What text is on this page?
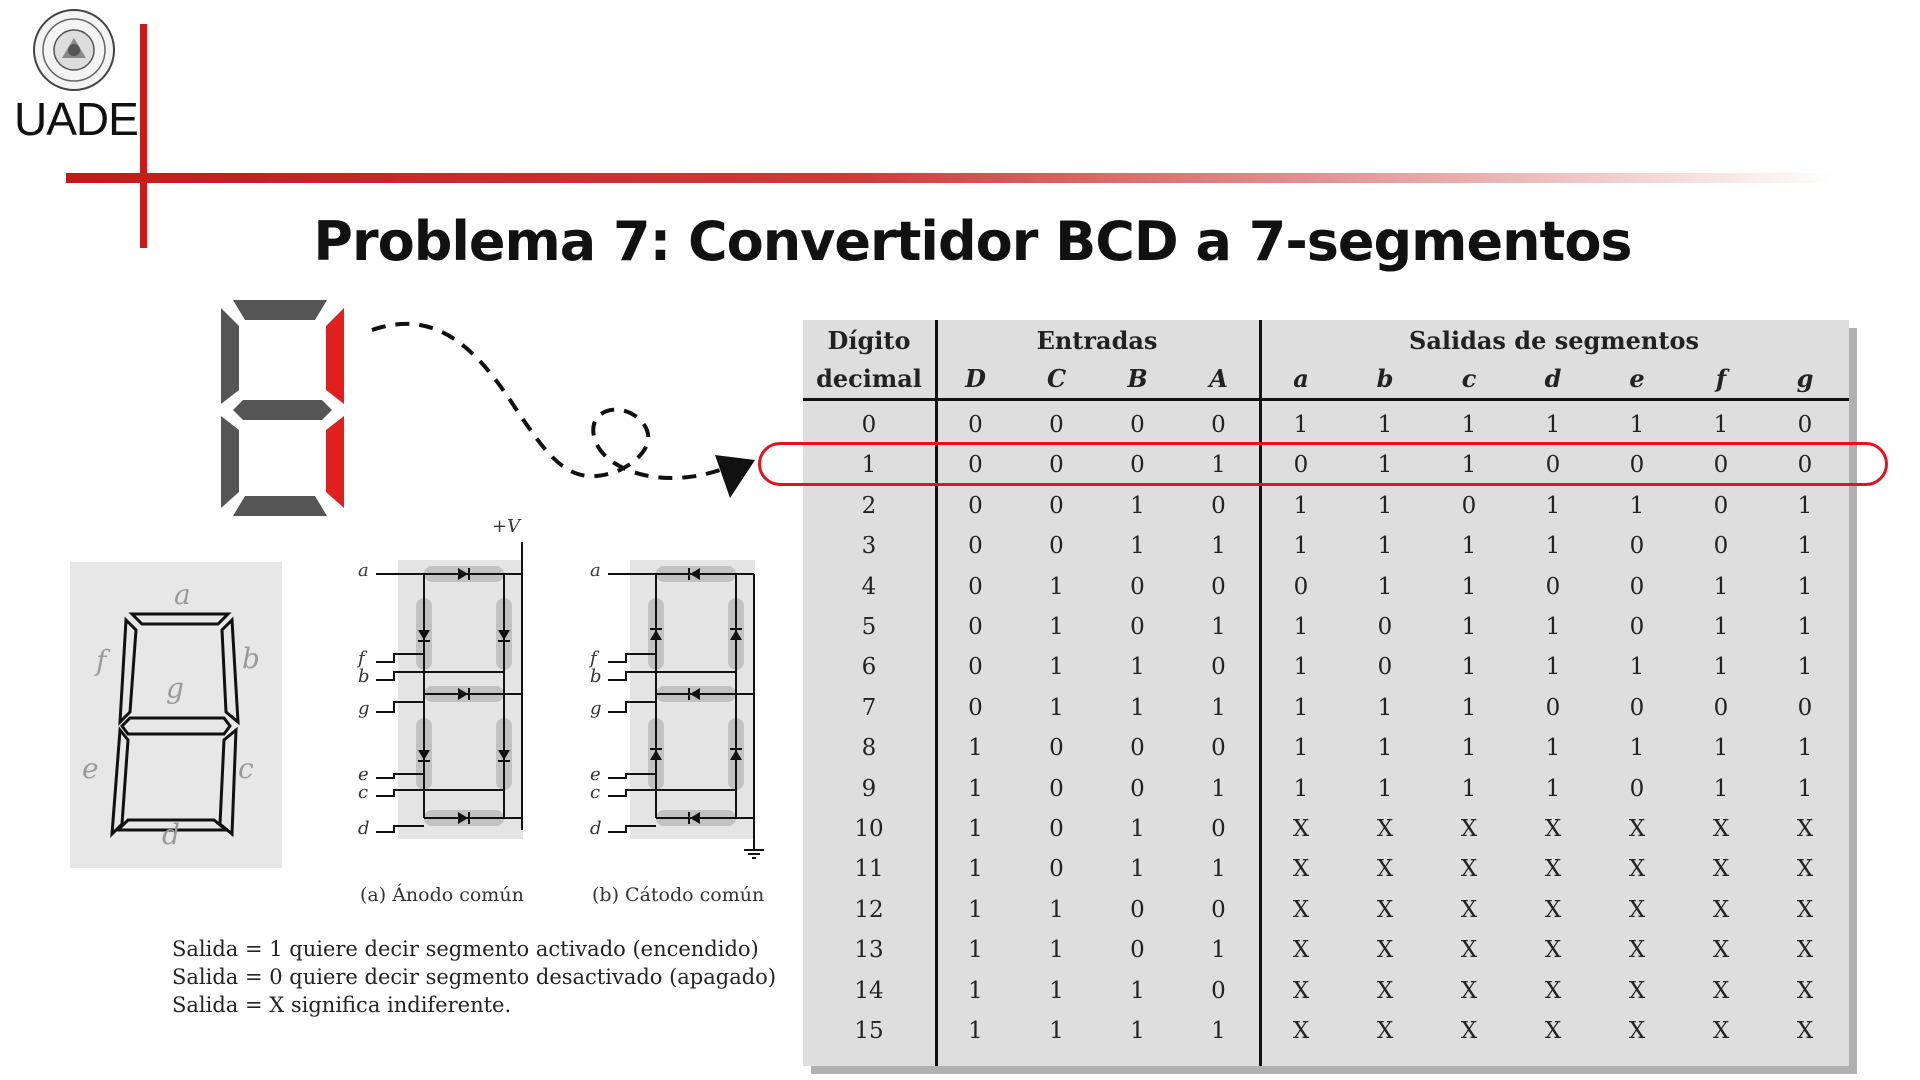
UADE
Problema 7: Convertidor BCD a 7-segmentos
a
f	b
g
e	c
d
+V
a
f
b
g
e
c
d
(a) Ánodo común
a
f
b
g
e
c
d
(b) Cátodo común
Salida = 1 quiere decir segmento activado (encendido)
Salida = 0 quiere decir segmento desactivado (apagado)
Salida = X significa indiferente.
Dígito
decimal
Entradas	Salidas de segmentos
D	C	B	A	a	b	c	d	e	f	g
0	0	0	0	0	1	1	1	1	1	1	0
1	0	0	0	1	0	1	1	0	0	0	0
2	0	0	1	0	1	1	0	1	1	0	1
3	0	0	1	1	1	1	1	1	0	0	1
4	0	1	0	0	0	1	1	0	0	1	1
5	0	1	0	1	1	0	1	1	0	1	1
6	0	1	1	0	1	0	1	1	1	1	1
7	0	1	1	1	1	1	1	0	0	0	0
8	1	0	0	0	1	1	1	1	1	1	1
9	1	0	0	1	1	1	1	1	0	1	1
10	1	0	1	0	X	X	X	X	X	X	X
11	1	0	1	1	X	X	X	X	X	X	X
12	1	1	0	0	X	X	X	X	X	X	X
13	1	1	0	1	X	X	X	X	X	X	X
14	1	1	1	0	X	X	X	X	X	X	X
15	1	1	1	1	X	X	X	X	X	X	X
